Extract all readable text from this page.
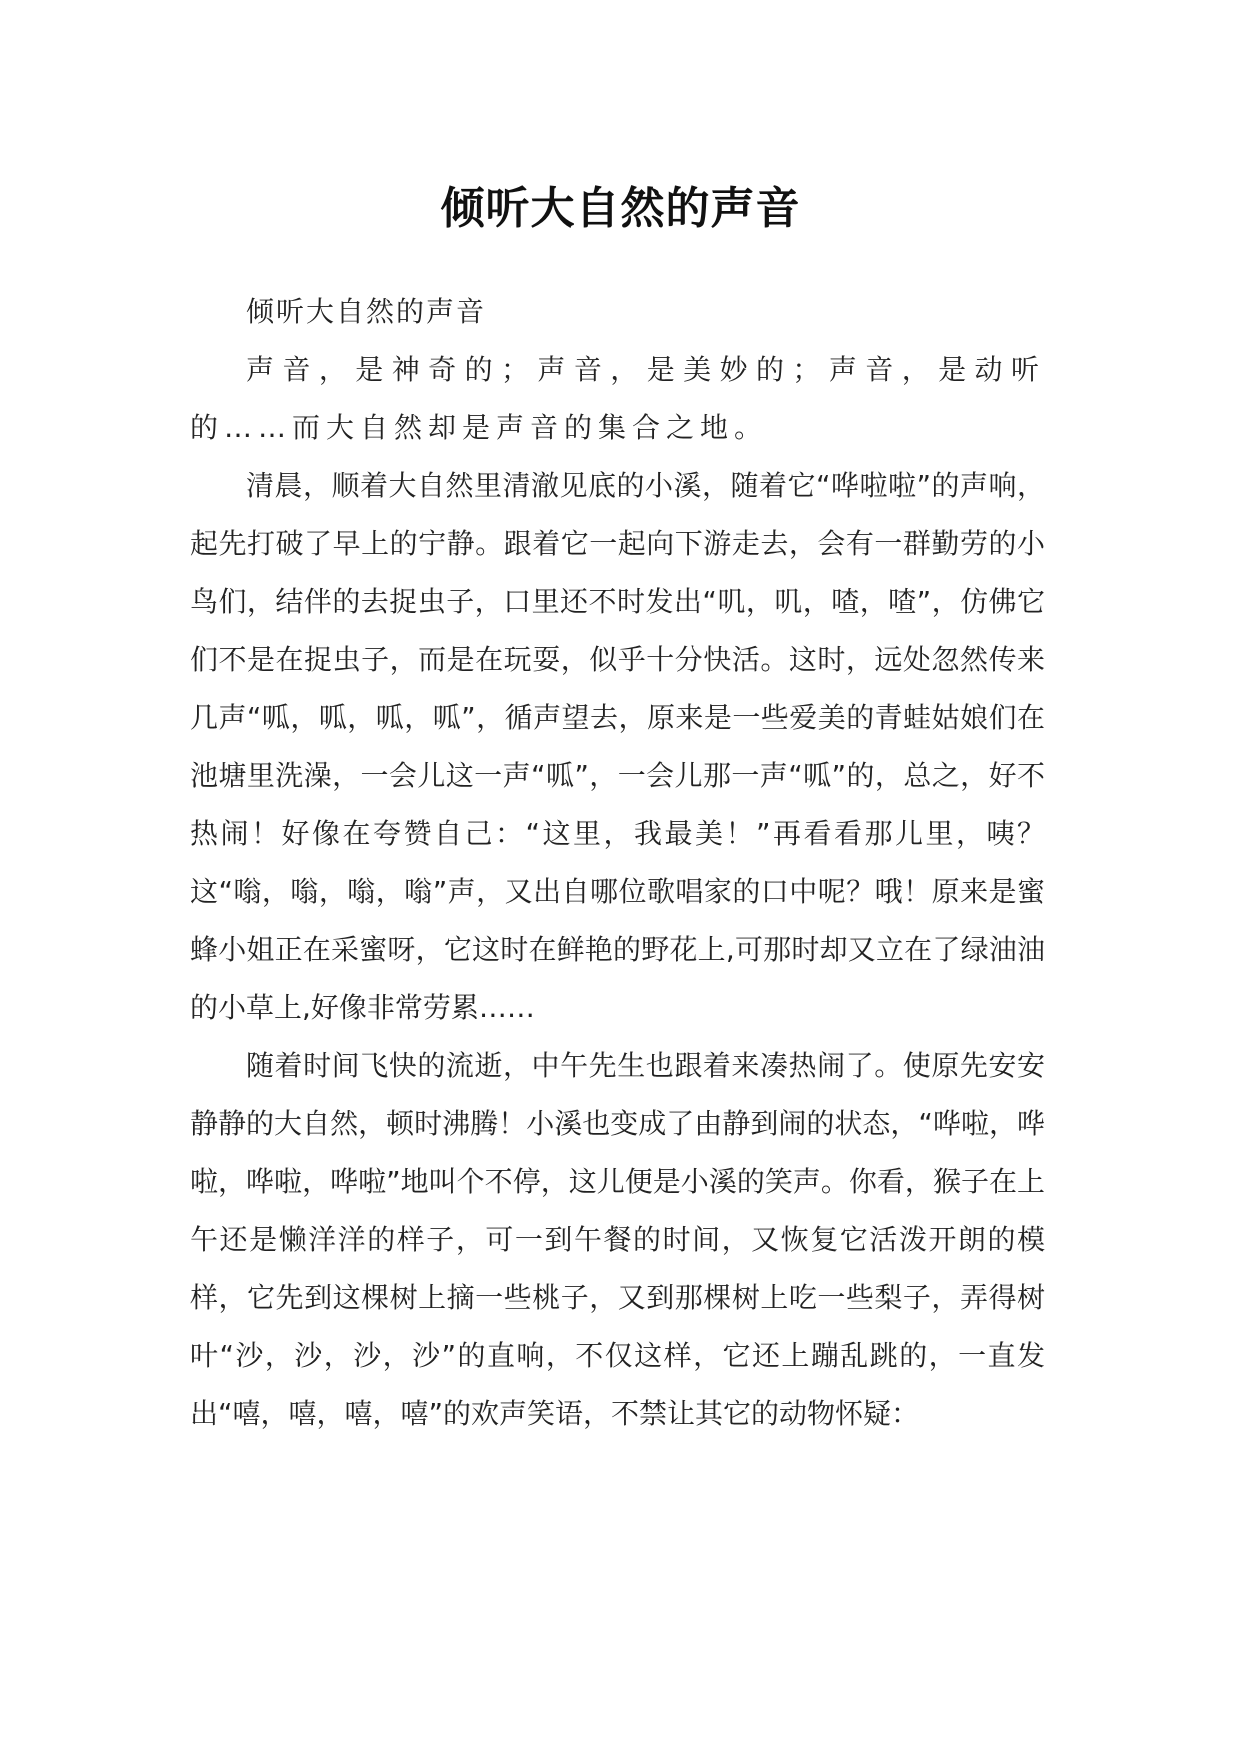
倾听大自然的声音

倾听大自然的声音

声音，是神奇的；声音，是美妙的；声音，是动听的……而大自然却是声音的集合之地。

清晨，顺着大自然里清澈见底的小溪，随着它“哗啦啦”的声响，起先打破了早上的宁静。跟着它一起向下游走去，会有一群勤劳的小鸟们，结伴的去捉虫子，口里还不时发出“叽，叽，喳，喳”，仿佛它们不是在捉虫子，而是在玩耍，似乎十分快活。这时，远处忽然传来几声“呱，呱，呱，呱”，循声望去，原来是一些爱美的青蛙姑娘们在池塘里洗澡，一会儿这一声“呱”，一会儿那一声“呱”的，总之，好不热闹！好像在夸赞自己：“这里，我最美！”再看看那儿里，咦？这“嗡，嗡，嗡，嗡”声，又出自哪位歌唱家的口中呢？哦！原来是蜜蜂小姐正在采蜜呀，它这时在鲜艳的野花上,可那时却又立在了绿油油的小草上,好像非常劳累……

随着时间飞快的流逝，中午先生也跟着来凑热闹了。使原先安安静静的大自然，顿时沸腾！小溪也变成了由静到闹的状态，“哗啦，哗啦，哗啦，哗啦”地叫个不停，这儿便是小溪的笑声。你看，猴子在上午还是懒洋洋的样子，可一到午餐的时间，又恢复它活泼开朗的模样，它先到这棵树上摘一些桃子，又到那棵树上吃一些梨子，弄得树叶“沙，沙，沙，沙”的直响，不仅这样，它还上蹦乱跳的，一直发出“嘻，嘻，嘻，嘻”的欢声笑语，不禁让其它的动物怀疑：
